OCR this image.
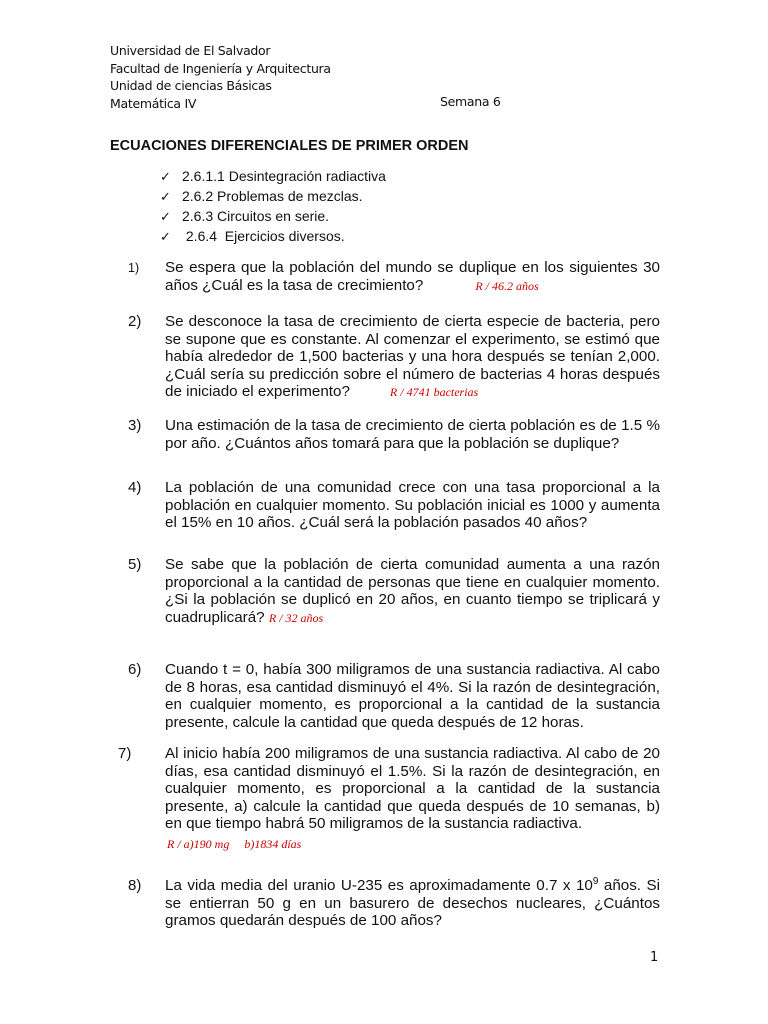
Universidad de El Salvador
Facultad de Ingeniería y Arquitectura
Unidad de ciencias Básicas
Matemática IV	Semana 6
ECUACIONES DIFERENCIALES DE PRIMER ORDEN
✓ 2.6.1.1 Desintegración radiactiva
✓ 2.6.2 Problemas de mezclas.
✓ 2.6.3 Circuitos en serie.
✓ 2.6.4  Ejercicios diversos.
1) Se espera que la población del mundo se duplique en los siguientes 30 años ¿Cuál es la tasa de crecimiento?	R / 46.2 años
2) Se desconoce la tasa de crecimiento de cierta especie de bacteria, pero se supone que es constante. Al comenzar el experimento, se estimó que había alrededor de 1,500 bacterias y una hora después se tenían 2,000. ¿Cuál sería su predicción sobre el número de bacterias 4 horas después de iniciado el experimento?	R / 4741 bacterias
3) Una estimación de la tasa de crecimiento de cierta población es de 1.5 % por año. ¿Cuántos años tomará para que la población se duplique?
4) La población de una comunidad crece con una tasa proporcional a la población en cualquier momento. Su población inicial es 1000 y aumenta el 15% en 10 años. ¿Cuál será la población pasados 40 años?
5) Se sabe que la población de cierta comunidad aumenta a una razón proporcional a la cantidad de personas que tiene en cualquier momento. ¿Si la población se duplicó en 20 años, en cuanto tiempo se triplicará y cuadruplicará? R / 32 años
6) Cuando t = 0, había 300 miligramos de una sustancia radiactiva. Al cabo de 8 horas, esa cantidad disminuyó el 4%. Si la razón de desintegración, en cualquier momento, es proporcional a la cantidad de la sustancia presente, calcule la cantidad que queda después de 12 horas.
7) Al inicio había 200 miligramos de una sustancia radiactiva. Al cabo de 20 días, esa cantidad disminuyó el 1.5%. Si la razón de desintegración, en cualquier momento, es proporcional a la cantidad de la sustancia presente, a) calcule la cantidad que queda después de 10 semanas, b) en que tiempo habrá 50 miligramos de la sustancia radiactiva.
R / a)190 mg     b)1834 días
8) La vida media del uranio U-235 es aproximadamente 0.7 x $10^9$ años. Si se entierran 50 g en un basurero de desechos nucleares, ¿Cuántos gramos quedarán después de 100 años?
1
